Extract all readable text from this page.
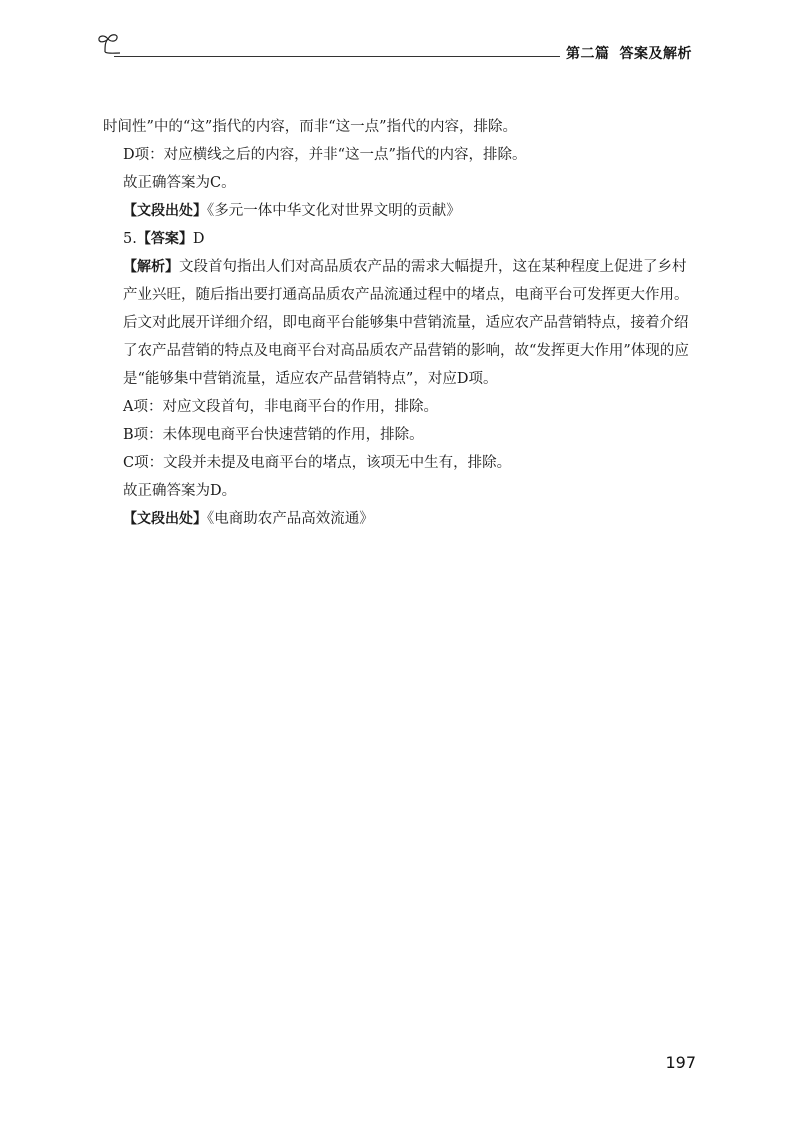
第二篇 答案及解析

时间性”中的“这”指代的内容，而非“这一点”指代的内容，排除。

D项：对应横线之后的内容，并非“这一点”指代的内容，排除。

故正确答案为C。

【文段出处】《多元一体中华文化对世界文明的贡献》

5.【答案】D

【解析】文段首句指出人们对高品质农产品的需求大幅提升，这在某种程度上促进了乡村产业兴旺，随后指出要打通高品质农产品流通过程中的堵点，电商平台可发挥更大作用。后文对此展开详细介绍，即电商平台能够集中营销流量，适应农产品营销特点，接着介绍了农产品营销的特点及电商平台对高品质农产品营销的影响，故“发挥更大作用”体现的应是“能够集中营销流量，适应农产品营销特点”，对应D项。

A项：对应文段首句，非电商平台的作用，排除。

B项：未体现电商平台快速营销的作用，排除。

C项：文段并未提及电商平台的堵点，该项无中生有，排除。

故正确答案为D。

【文段出处】《电商助农产品高效流通》

197
